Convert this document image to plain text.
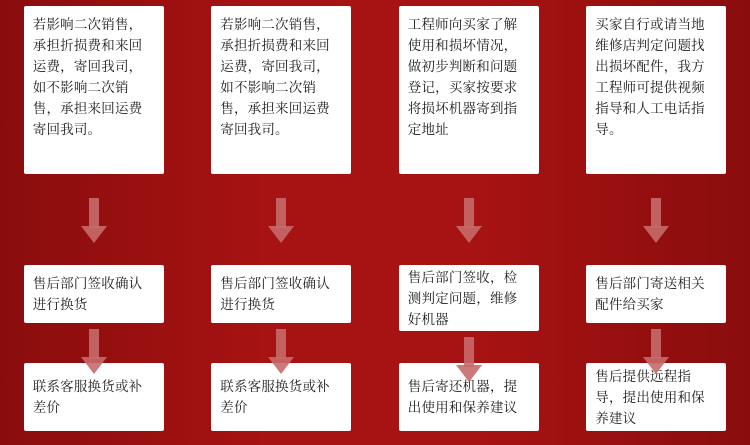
若影响二次销售，承担折损费和来回运费，寄回我司，如不影响二次销售，承担来回运费寄回我司。
若影响二次销售，承担折损费和来回运费，寄回我司，如不影响二次销售，承担来回运费寄回我司。
工程师向买家了解使用和损坏情况，做初步判断和问题登记，买家按要求将损坏机器寄到指定地址
买家自行或请当地维修店判定问题找出损坏配件，我方工程师可提供视频指导和人工电话指导。
售后部门签收确认进行换货
售后部门签收确认进行换货
售后部门签收，检测判定问题，维修好机器
售后部门寄送相关配件给买家
联系客服换货或补差价
联系客服换货或补差价
售后寄还机器，提出使用和保养建议
售后提供远程指导，提出使用和保养建议
